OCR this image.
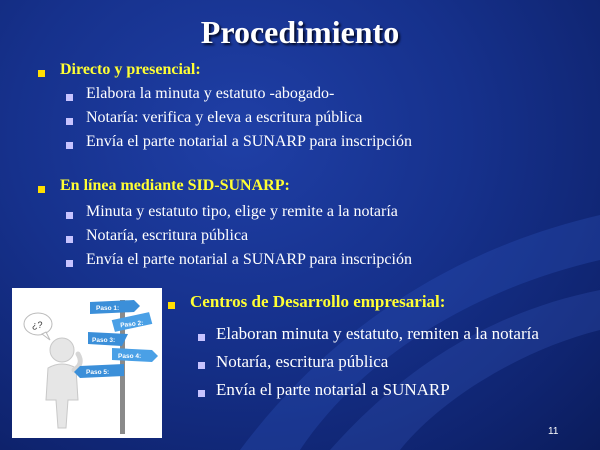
Procedimiento
Directo y presencial:
Elabora la minuta y estatuto -abogado-
Notaría: verifica y eleva a escritura pública
Envía el parte notarial a SUNARP para inscripción
En línea mediante SID-SUNARP:
Minuta y estatuto tipo, elige y remite a la notaría
Notaría, escritura pública
Envía el parte notarial a SUNARP para inscripción
Centros de Desarrollo empresarial:
Elaboran minuta y estatuto, remiten a la notaría
Notaría, escritura pública
Envía el parte notarial a SUNARP
¿?
Paso 1:
Paso 2:
Paso 3:
Paso 4:
Paso 5:
11
